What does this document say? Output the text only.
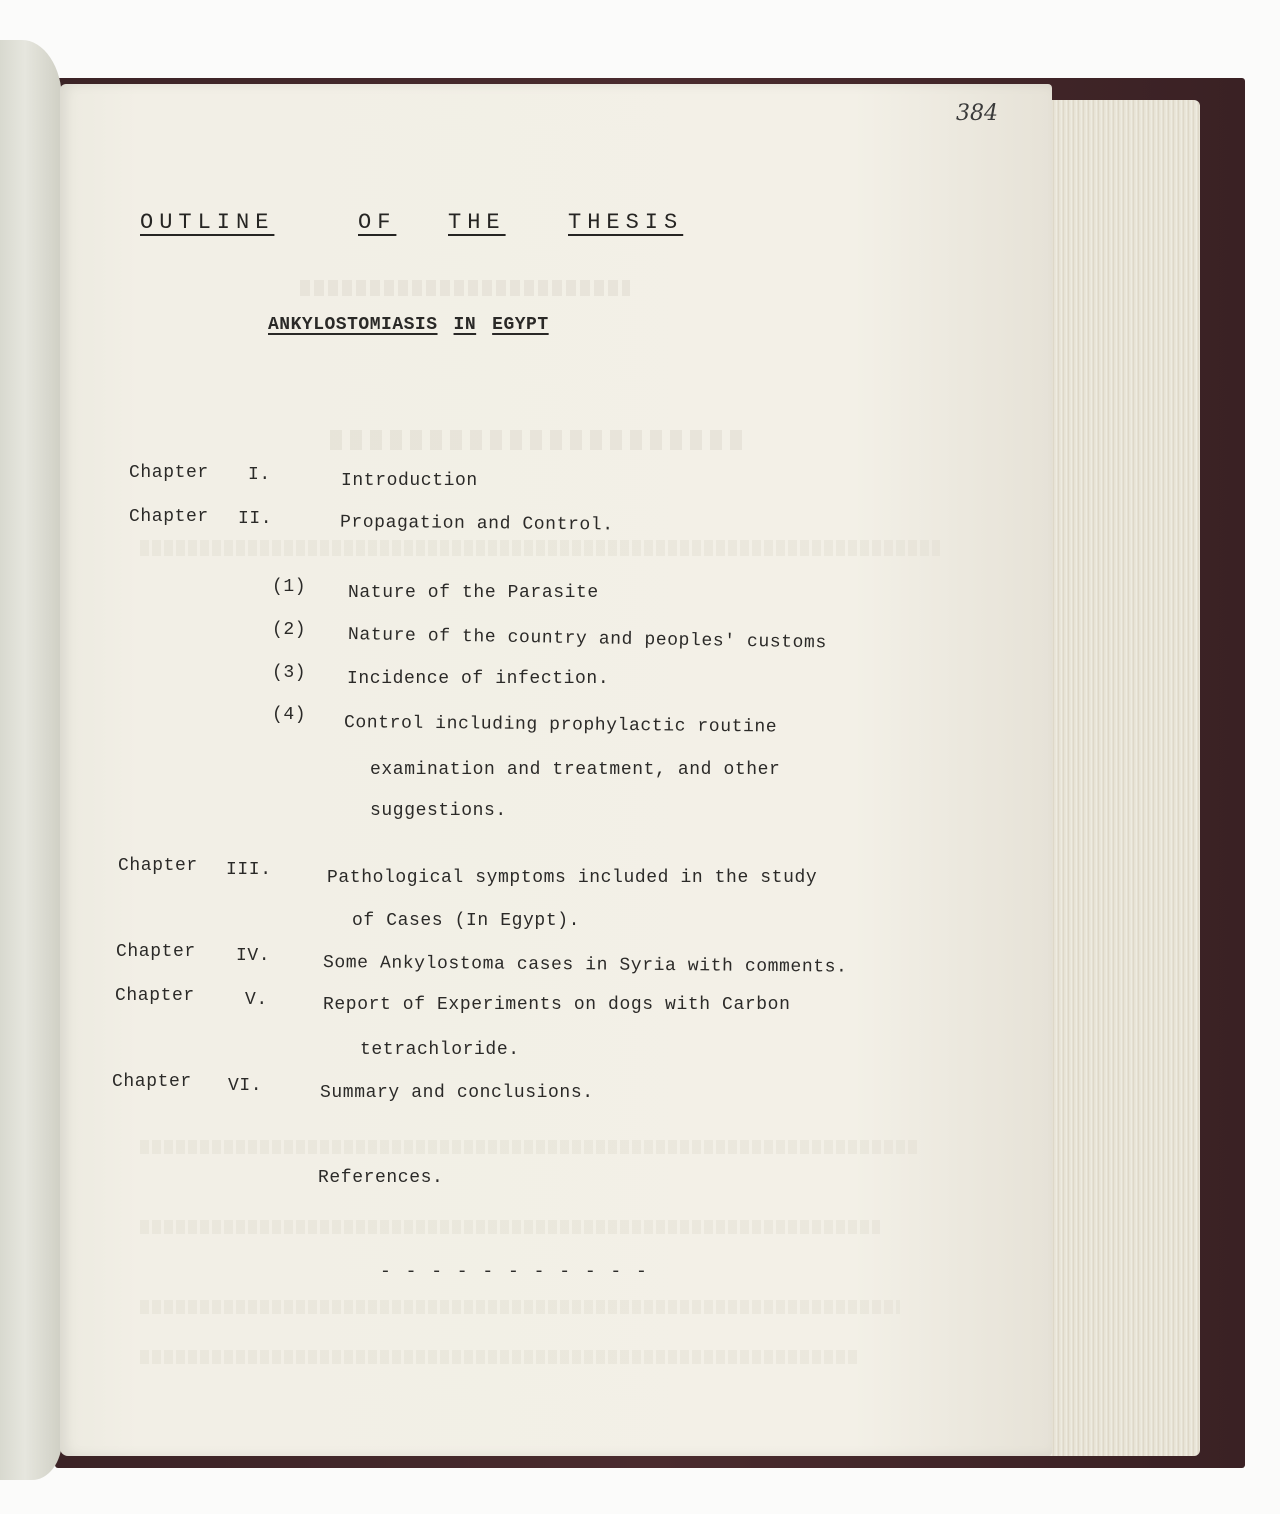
384
OUTLINE	OF THE	THESIS
ANKYLOSTOMIASIS IN EGYPT
Chapter I.	Introduction
Chapter II.	Propagation and Control.
(1) Nature of the Parasite
(2) Nature of the country and peoples' customs
(3) Incidence of infection.
(4) Control including prophylactic routine
examination and treatment, and other
suggestions.
Chapter III.	Pathological symptoms included in the study
of Cases (In Egypt).
Chapter IV.	Some Ankylostoma cases in Syria with comments.
Chapter	V.	Report of Experiments on dogs with Carbon
tetrachloride.
Chapter VI.	Summary and conclusions.
References.
- - - - - - - - - - -
